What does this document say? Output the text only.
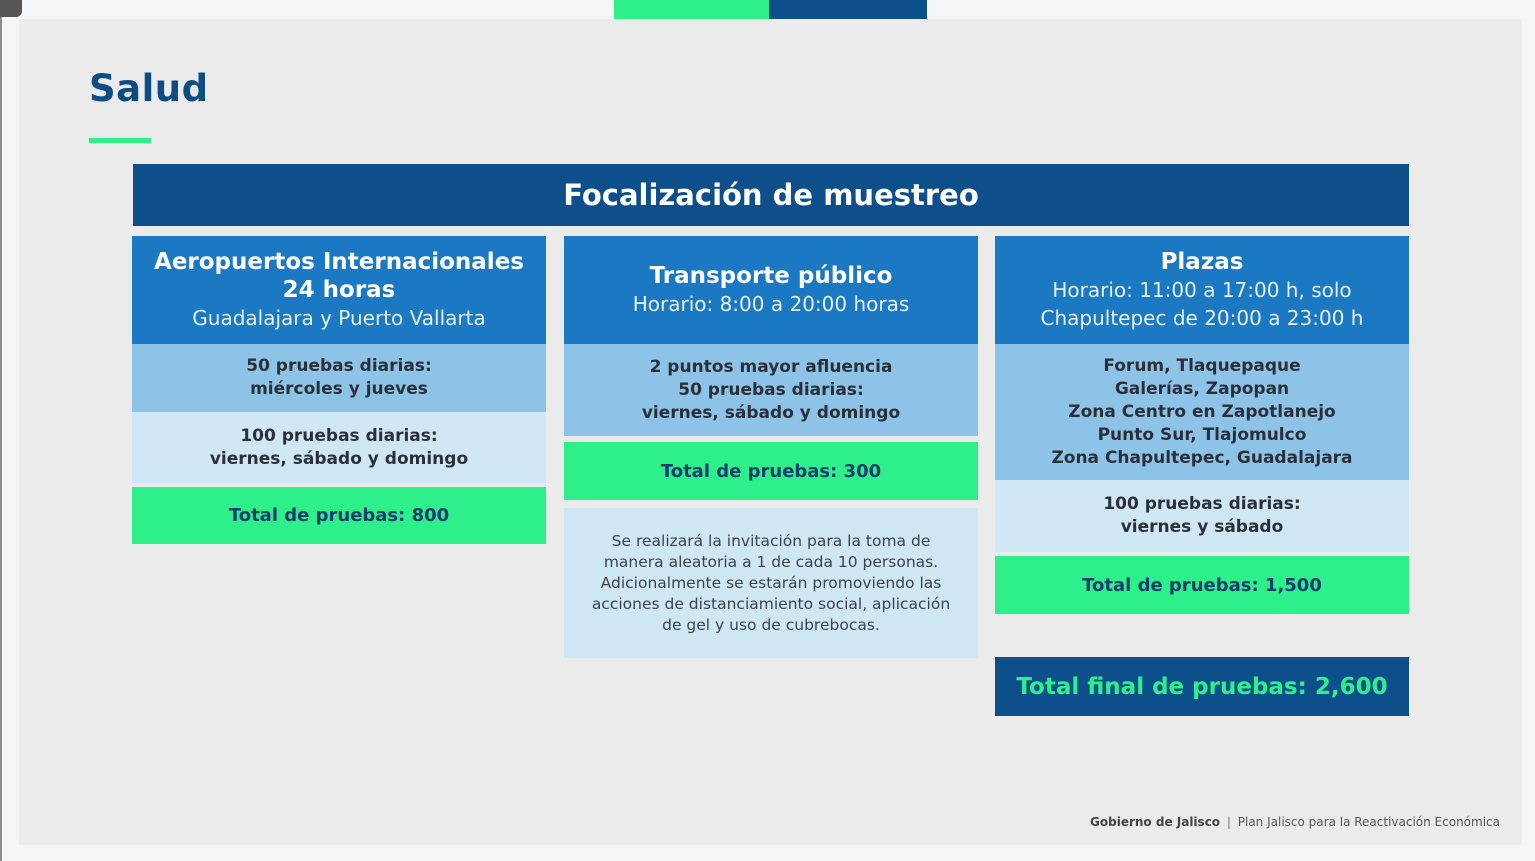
Salud
Focalización de muestreo
Aeropuertos Internacionales
24 horas
Guadalajara y Puerto Vallarta
50 pruebas diarias:
miércoles y jueves
100 pruebas diarias:
viernes, sábado y domingo
Total de pruebas: 800
Transporte público
Horario: 8:00 a 20:00 horas
2 puntos mayor afluencia
50 pruebas diarias:
viernes, sábado y domingo
Total de pruebas: 300
Se realizará la invitación para la toma de
manera aleatoria a 1 de cada 10 personas.
Adicionalmente se estarán promoviendo las
acciones de distanciamiento social, aplicación
de gel y uso de cubrebocas.
Plazas
Horario: 11:00 a 17:00 h, solo
Chapultepec de 20:00 a 23:00 h
Forum, Tlaquepaque
Galerías, Zapopan
Zona Centro en Zapotlanejo
Punto Sur, Tlajomulco
Zona Chapultepec, Guadalajara
100 pruebas diarias:
viernes y sábado
Total de pruebas: 1,500
Total final de pruebas: 2,600
Gobierno de Jalisco | Plan Jalisco para la Reactivación Económica
